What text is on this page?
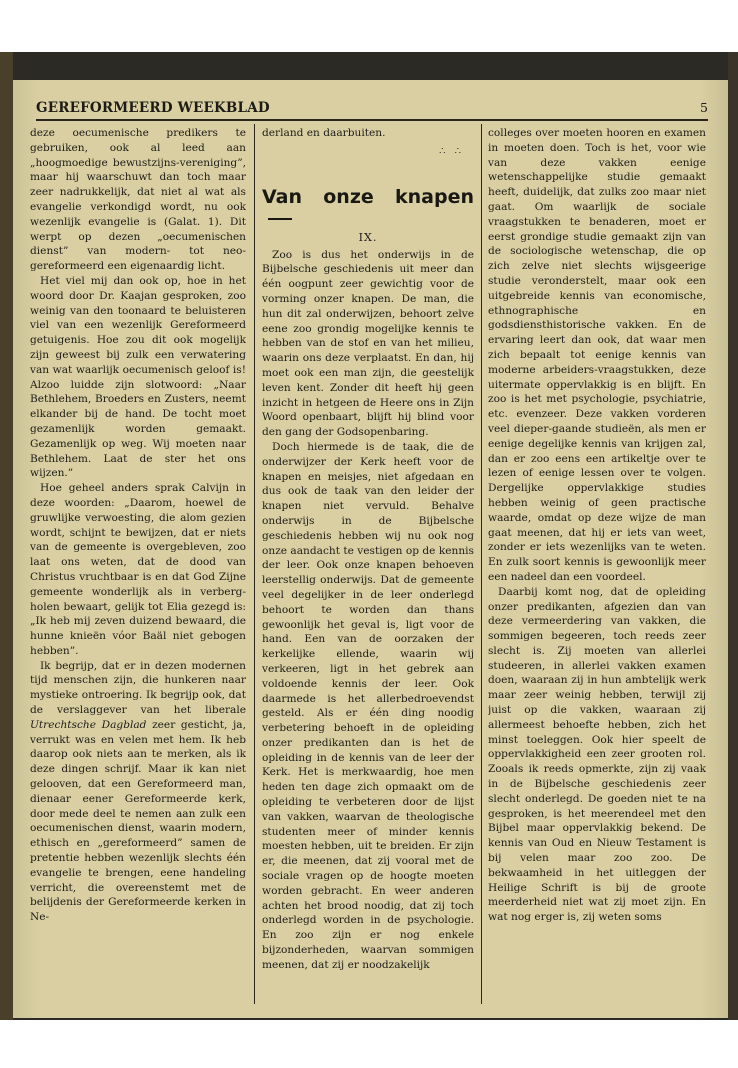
GEREFORMEERD WEEKBLAD	5

deze oecumenische predikers te gebruiken, ook al leed aan „hoogmoedige bewustzijns-vereniging”, maar hij waarschuwt dan toch maar zeer nadrukkelijk, dat niet al wat als evangelie verkondigd wordt, nu ook wezenlijk evangelie is (Galat. 1). Dit werpt op dezen „oecumenischen dienst” van modern- tot neo-gereformeerd een eigenaardig licht.

Het viel mij dan ook op, hoe in het woord door Dr. Kaajan gesproken, zoo weinig van den toonaard te beluisteren viel van een wezenlijk Gereformeerd getuigenis. Hoe zou dit ook mogelijk zijn geweest bij zulk een verwatering van wat waarlijk oecumenisch geloof is! Alzoo luidde zijn slotwoord: „Naar Bethlehem, Broeders en Zusters, neemt elkander bij de hand. De tocht moet gezamenlijk worden gemaakt. Gezamenlijk op weg. Wij moeten naar Bethlehem. Laat de ster het ons wijzen.”

Hoe geheel anders sprak Calvijn in deze woorden: „Daarom, hoewel de gruwlijke verwoesting, die alom gezien wordt, schijnt te bewijzen, dat er niets van de gemeente is overgebleven, zoo laat ons weten, dat de dood van Christus vruchtbaar is en dat God Zijne gemeente wonderlijk als in verberg-holen bewaart, gelijk tot Elia gezegd is: „Ik heb mij zeven duizend bewaard, die hunne knieën vóor Baäl niet gebogen hebben”.

Ik begrijp, dat er in dezen modernen tijd menschen zijn, die hunkeren naar mystieke ontroering. Ik begrijp ook, dat de verslaggever van het liberale Utrechtsche Dagblad zeer gesticht, ja, verrukt was en velen met hem. Ik heb daarop ook niets aan te merken, als ik deze dingen schrijf. Maar ik kan niet gelooven, dat een Gereformeerd man, dienaar eener Gereformeerde kerk, door mede deel te nemen aan zulk een oecumenischen dienst, waarin modern, ethisch en „gereformeerd” samen de pretentie hebben wezenlijk slechts één evangelie te brengen, eene handeling verricht, die overeenstemt met de belijdenis der Gereformeerde kerken in Ne-

derland en daarbuiten.

∴ ∴
Van onze knapen
IX.

Zoo is dus het onderwijs in de Bijbelsche geschiedenis uit meer dan één oogpunt zeer gewichtig voor de vorming onzer knapen. De man, die hun dit zal onderwijzen, behoort zelve eene zoo grondig mogelijke kennis te hebben van de stof en van het milieu, waarin ons deze verplaatst. En dan, hij moet ook een man zijn, die geestelijk leven kent. Zonder dit heeft hij geen inzicht in hetgeen de Heere ons in Zijn Woord openbaart, blijft hij blind voor den gang der Godsopenbaring.

Doch hiermede is de taak, die de onderwijzer der Kerk heeft voor de knapen en meisjes, niet afgedaan en dus ook de taak van den leider der knapen niet vervuld. Behalve onderwijs in de Bijbelsche geschiedenis hebben wij nu ook nog onze aandacht te vestigen op de kennis der leer. Ook onze knapen behoeven leerstellig onderwijs. Dat de gemeente veel degelijker in de leer onderlegd behoort te worden dan thans gewoonlijk het geval is, ligt voor de hand. Een van de oorzaken der kerkelijke ellende, waarin wij verkeeren, ligt in het gebrek aan voldoende kennis der leer. Ook daarmede is het allerbedroevendst gesteld. Als er één ding noodig verbetering behoeft in de opleiding onzer predikanten dan is het de opleiding in de kennis van de leer der Kerk. Het is merkwaardig, hoe men heden ten dage zich opmaakt om de opleiding te verbeteren door de lijst van vakken, waarvan de theologische studenten meer of minder kennis moesten hebben, uit te breiden. Er zijn er, die meenen, dat zij vooral met de sociale vragen op de hoogte moeten worden gebracht. En weer anderen achten het brood noodig, dat zij toch onderlegd worden in de psychologie. En zoo zijn er nog enkele bijzonderheden, waarvan sommigen meenen, dat zij er noodzakelijk

colleges over moeten hooren en examen in moeten doen. Toch is het, voor wie van deze vakken eenige wetenschappelijke studie gemaakt heeft, duidelijk, dat zulks zoo maar niet gaat. Om waarlijk de sociale vraagstukken te benaderen, moet er eerst grondige studie gemaakt zijn van de sociologische wetenschap, die op zich zelve niet slechts wijsgeerige studie veronderstelt, maar ook een uitgebreide kennis van economische, ethnographische en godsdiensthistorische vakken. En de ervaring leert dan ook, dat waar men zich bepaalt tot eenige kennis van moderne arbeiders-vraagstukken, deze uitermate oppervlakkig is en blijft. En zoo is het met psychologie, psychiatrie, etc. evenzeer. Deze vakken vorderen veel dieper-gaande studieën, als men er eenige degelijke kennis van krijgen zal, dan er zoo eens een artikeltje over te lezen of eenige lessen over te volgen. Dergelijke oppervlakkige studies hebben weinig of geen practische waarde, omdat op deze wijze de man gaat meenen, dat hij er iets van weet, zonder er iets wezenlijks van te weten. En zulk soort kennis is gewoonlijk meer een nadeel dan een voordeel.

Daarbij komt nog, dat de opleiding onzer predikanten, afgezien dan van deze vermeerdering van vakken, die sommigen begeeren, toch reeds zeer slecht is. Zij moeten van allerlei studeeren, in allerlei vakken examen doen, waaraan zij in hun ambtelijk werk maar zeer weinig hebben, terwijl zij juist op die vakken, waaraan zij allermeest behoefte hebben, zich het minst toeleggen. Ook hier speelt de oppervlakkigheid een zeer grooten rol. Zooals ik reeds opmerkte, zijn zij vaak in de Bijbelsche geschiedenis zeer slecht onderlegd. De goeden niet te na gesproken, is het meerendeel met den Bijbel maar oppervlakkig bekend. De kennis van Oud en Nieuw Testament is bij velen maar zoo zoo. De bekwaamheid in het uitleggen der Heilige Schrift is bij de groote meerderheid niet wat zij moet zijn. En wat nog erger is, zij weten soms
